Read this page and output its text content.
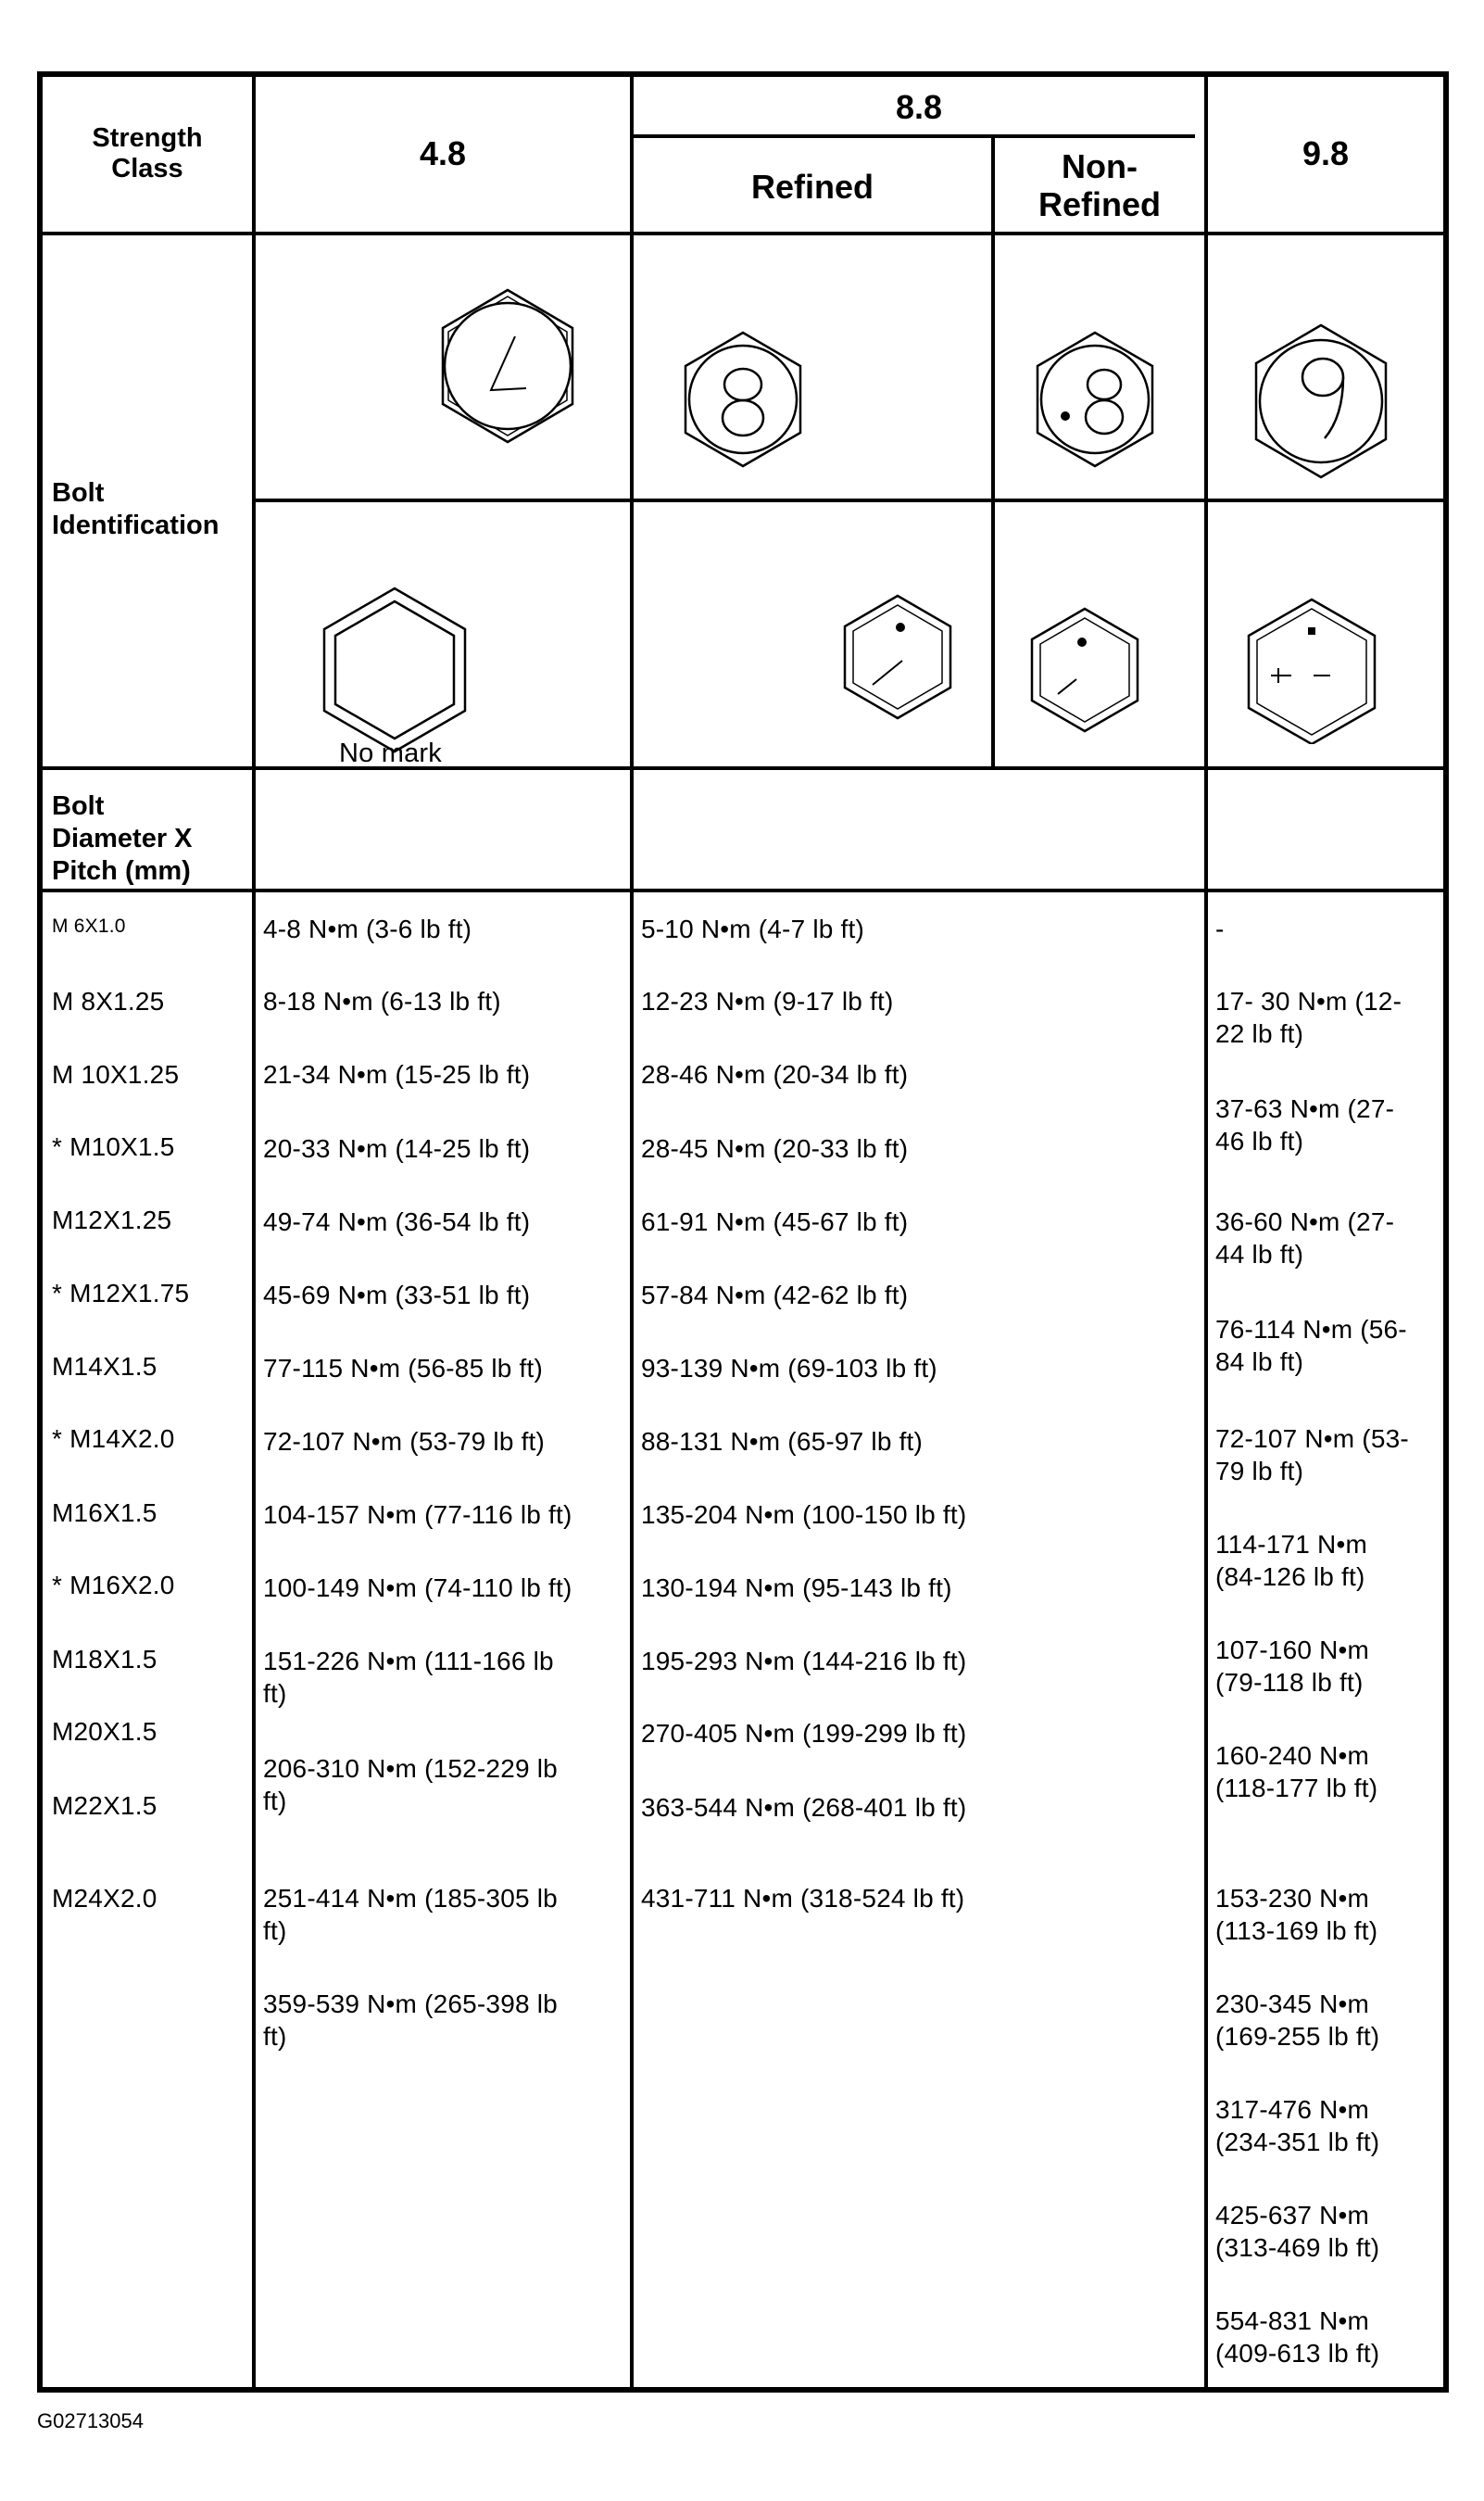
Strength
Class	4.8
8.8
Refined
Non-
Refined
9.8
Bolt
Identification
Bolt
Diameter X
Pitch (mm)
No mark
M 6X1.0
M 8X1.25
M 10X1.25
* M10X1.5
M12X1.25
* M12X1.75
M14X1.5
* M14X2.0
M16X1.5
* M16X2.0
M18X1.5
M20X1.5
M22X1.5
M24X2.0
4-8 N•m (3-6 lb ft)
8-18 N•m (6-13 lb ft)
21-34 N•m (15-25 lb ft)
20-33 N•m (14-25 lb ft)
49-74 N•m (36-54 lb ft)
45-69 N•m (33-51 lb ft)
77-115 N•m (56-85 lb ft)
72-107 N•m (53-79 lb ft)
104-157 N•m (77-116 lb ft)
100-149 N•m (74-110 lb ft)
151-226 N•m (111-166 lb
ft)
206-310 N•m (152-229 lb
ft)
251-414 N•m (185-305 lb
ft)
359-539 N•m (265-398 lb
ft)
5-10 N•m (4-7 lb ft)
12-23 N•m (9-17 lb ft)
28-46 N•m (20-34 lb ft)
28-45 N•m (20-33 lb ft)
61-91 N•m (45-67 lb ft)
57-84 N•m (42-62 lb ft)
93-139 N•m (69-103 lb ft)
88-131 N•m (65-97 lb ft)
135-204 N•m (100-150 lb ft)
130-194 N•m (95-143 lb ft)
195-293 N•m (144-216 lb ft)
270-405 N•m (199-299 lb ft)
363-544 N•m (268-401 lb ft)
431-711 N•m (318-524 lb ft)
-
17- 30 N•m (12-
22 lb ft)
37-63 N•m (27-
46 lb ft)
36-60 N•m (27-
44 lb ft)
76-114 N•m (56-
84 lb ft)
72-107 N•m (53-
79 lb ft)
114-171 N•m
(84-126 lb ft)
107-160 N•m
(79-118 lb ft)
160-240 N•m
(118-177 lb ft)
153-230 N•m
(113-169 lb ft)
230-345 N•m
(169-255 lb ft)
317-476 N•m
(234-351 lb ft)
425-637 N•m
(313-469 lb ft)
554-831 N•m
(409-613 lb ft)
G02713054
